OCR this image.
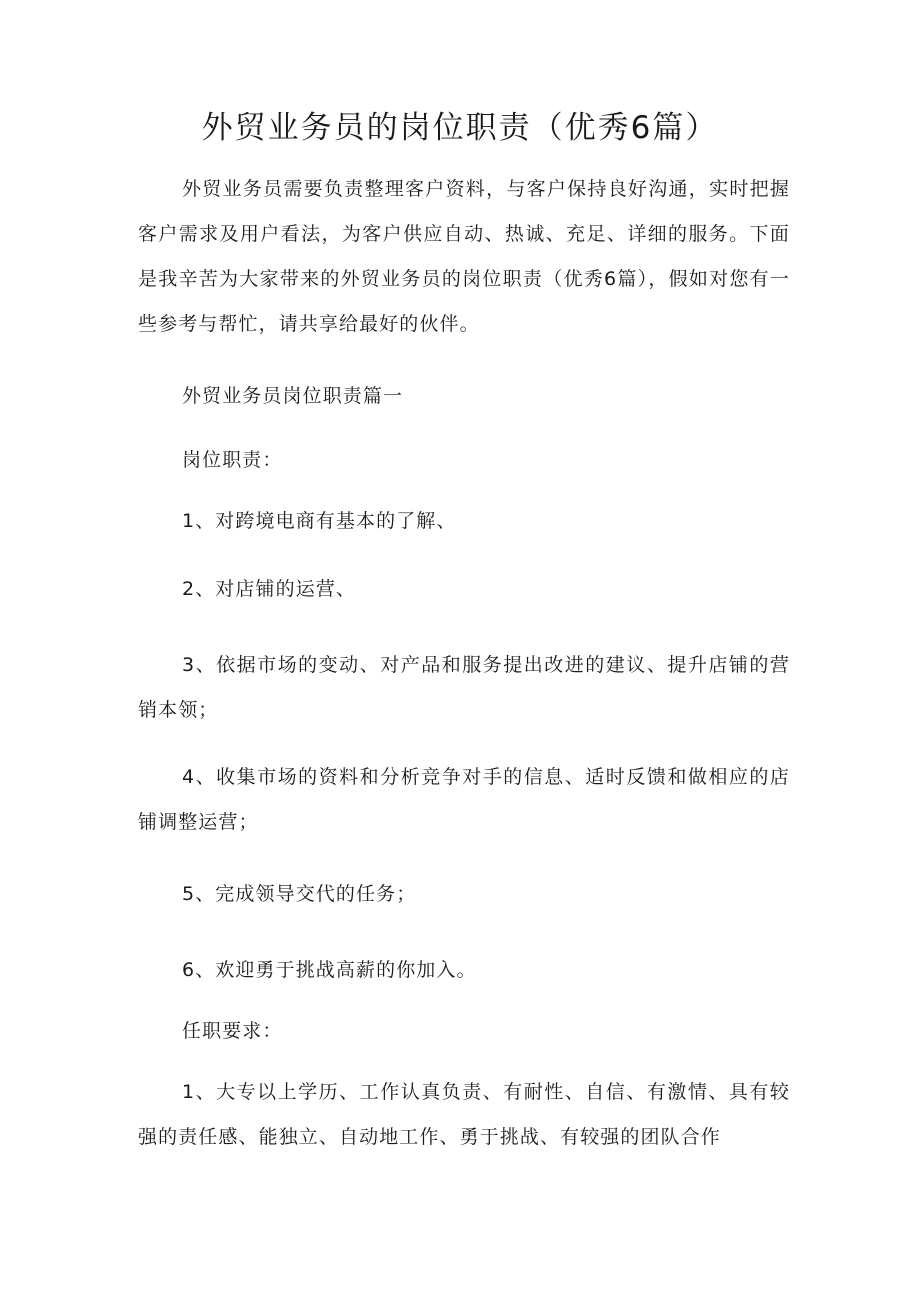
外贸业务员的岗位职责（优秀6篇）

外贸业务员需要负责整理客户资料，与客户保持良好沟通，实时把握客户需求及用户看法，为客户供应自动、热诚、充足、详细的服务。下面是我辛苦为大家带来的外贸业务员的岗位职责（优秀6篇），假如对您有一些参考与帮忙，请共享给最好的伙伴。

外贸业务员岗位职责篇一

岗位职责：

1、对跨境电商有基本的了解、

2、对店铺的运营、

3、依据市场的变动、对产品和服务提出改进的建议、提升店铺的营销本领；

4、收集市场的资料和分析竞争对手的信息、适时反馈和做相应的店铺调整运营；

5、完成领导交代的任务；

6、欢迎勇于挑战高薪的你加入。

任职要求：

1、大专以上学历、工作认真负责、有耐性、自信、有激情、具有较强的责任感、能独立、自动地工作、勇于挑战、有较强的团队合作
